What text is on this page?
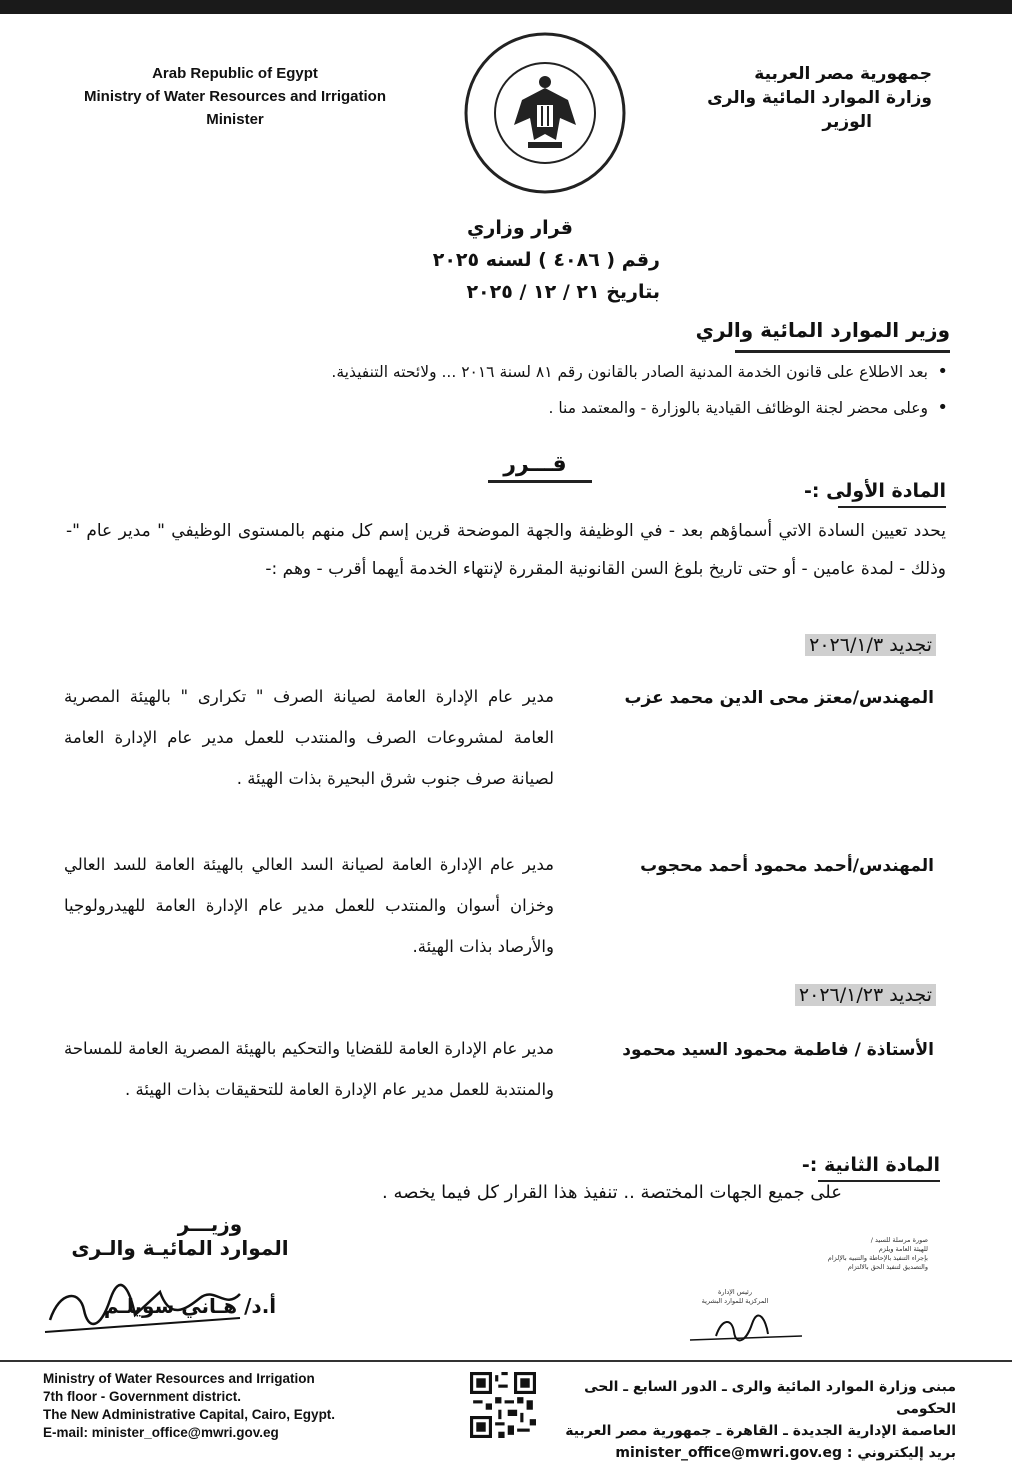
Arab Republic of Egypt
Ministry of Water Resources and Irrigation
Minister
جمهورية مصر العربية
وزارة الموارد المائية والرى
الوزير
قرار وزاري
رقم ( ٤٠٨٦ ) لسنه ٢٠٢٥
بتاريخ ٢١ / ١٢ / ٢٠٢٥
وزير الموارد المائية والري
• بعد الاطلاع على قانون الخدمة المدنية الصادر بالقانون رقم ٨١ لسنة ٢٠١٦ ... ولائحته التنفيذية.
• وعلى محضر لجنة الوظائف القيادية بالوزارة - والمعتمد منا .
قـــرر
المادة الأولى :-
يحدد تعيين السادة الاتي أسماؤهم بعد - في الوظيفة والجهة الموضحة قرين إسم كل منهم بالمستوى الوظيفي " مدير عام "- وذلك - لمدة عامين - أو حتى تاريخ بلوغ السن القانونية المقررة لإنتهاء الخدمة أيهما أقرب - وهم :-
تجديد ٢٠٢٦/١/٣
المهندس/معتز محى الدين محمد عزب
مدير عام الإدارة العامة لصيانة الصرف " تكرارى " بالهيئة المصرية العامة لمشروعات الصرف والمنتدب للعمل مدير عام الإدارة العامة لصيانة صرف جنوب شرق البحيرة بذات الهيئة .
المهندس/أحمد محمود أحمد محجوب
مدير عام الإدارة العامة لصيانة السد العالي بالهيئة العامة للسد العالي وخزان أسوان والمنتدب للعمل مدير عام الإدارة العامة للهيدرولوجيا والأرصاد بذات الهيئة.
تجديد ٢٠٢٦/١/٢٣
الأستاذة / فاطمة محمود السيد محمود
مدير عام الإدارة العامة للقضايا والتحكيم بالهيئة المصرية العامة للمساحة والمنتدبة للعمل مدير عام الإدارة العامة للتحقيقات بذات الهيئة .
المادة الثانية :-
على جميع الجهات المختصة .. تنفيذ هذا القرار كل فيما يخصه .
وزيـــر
الموارد المائيـة والـرى
أ.د/ هـاني سويلـم
صورة مرسلة للسيد /
للهيئة العامة ويلزم
بإجراء التنفيذ بالإحاطة والتنبيه بالإلزام
والتصديق لتنفيذ الحق بالالتزام
رئيس الإدارة
المركزية للموارد البشرية
Ministry of Water Resources and Irrigation
7th floor - Government district.
The New Administrative Capital, Cairo, Egypt.
E-mail: minister_office@mwri.gov.eg
مبنى وزارة الموارد المائية والرى ـ الدور السابع ـ الحى الحكومى
العاصمة الإدارية الجديدة ـ القاهرة ـ جمهورية مصر العربية
بريد إليكتروني : minister_office@mwri.gov.eg
